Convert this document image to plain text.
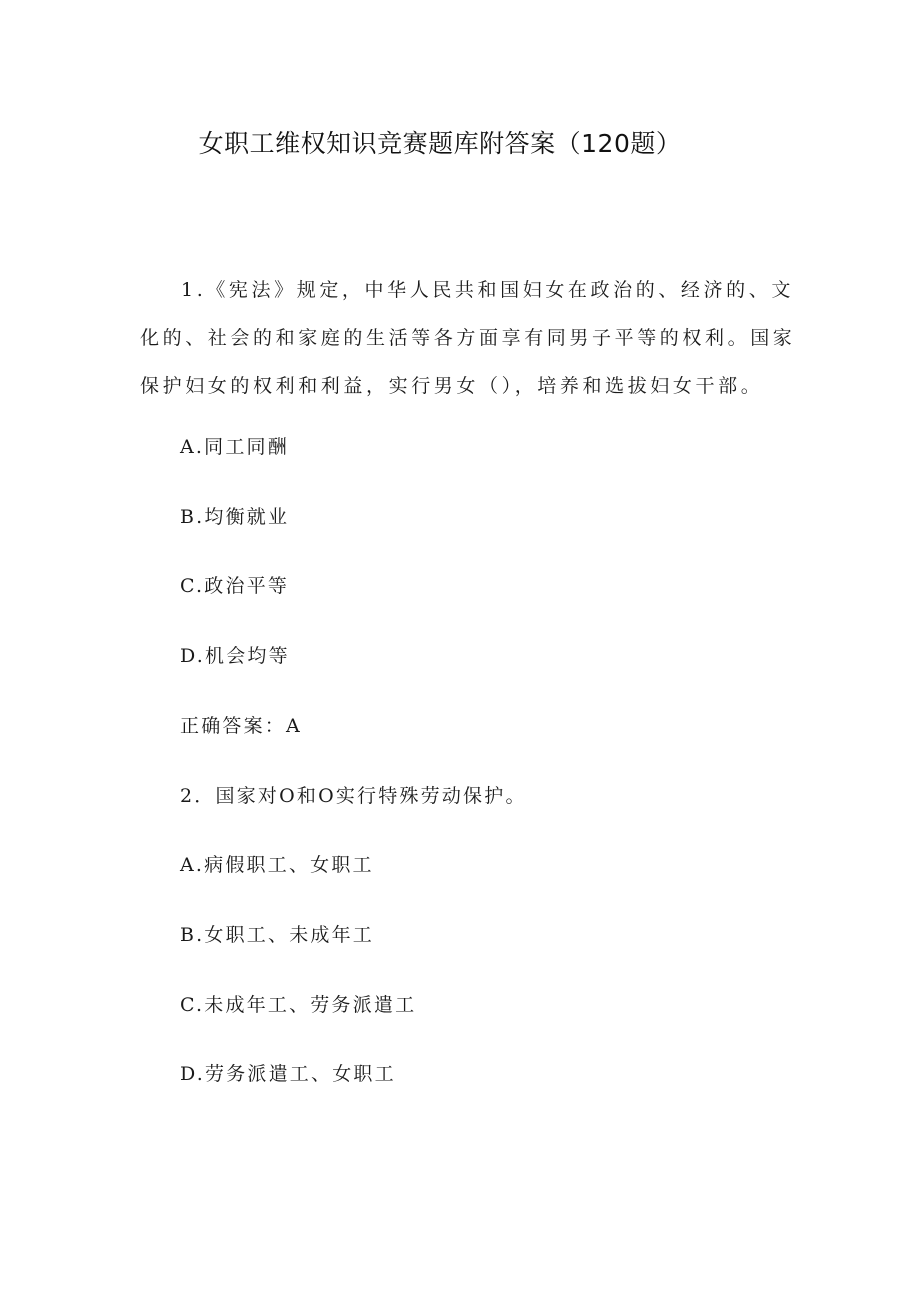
女职工维权知识竞赛题库附答案（120题）

1.《宪法》规定，中华人民共和国妇女在政治的、经济的、文化的、社会的和家庭的生活等各方面享有同男子平等的权利。国家保护妇女的权利和利益，实行男女（），培养和选拔妇女干部。

A.同工同酬
B.均衡就业
C.政治平等
D.机会均等
正确答案：A
2．国家对O和O实行特殊劳动保护。
A.病假职工、女职工
B.女职工、未成年工
C.未成年工、劳务派遣工
D.劳务派遣工、女职工
